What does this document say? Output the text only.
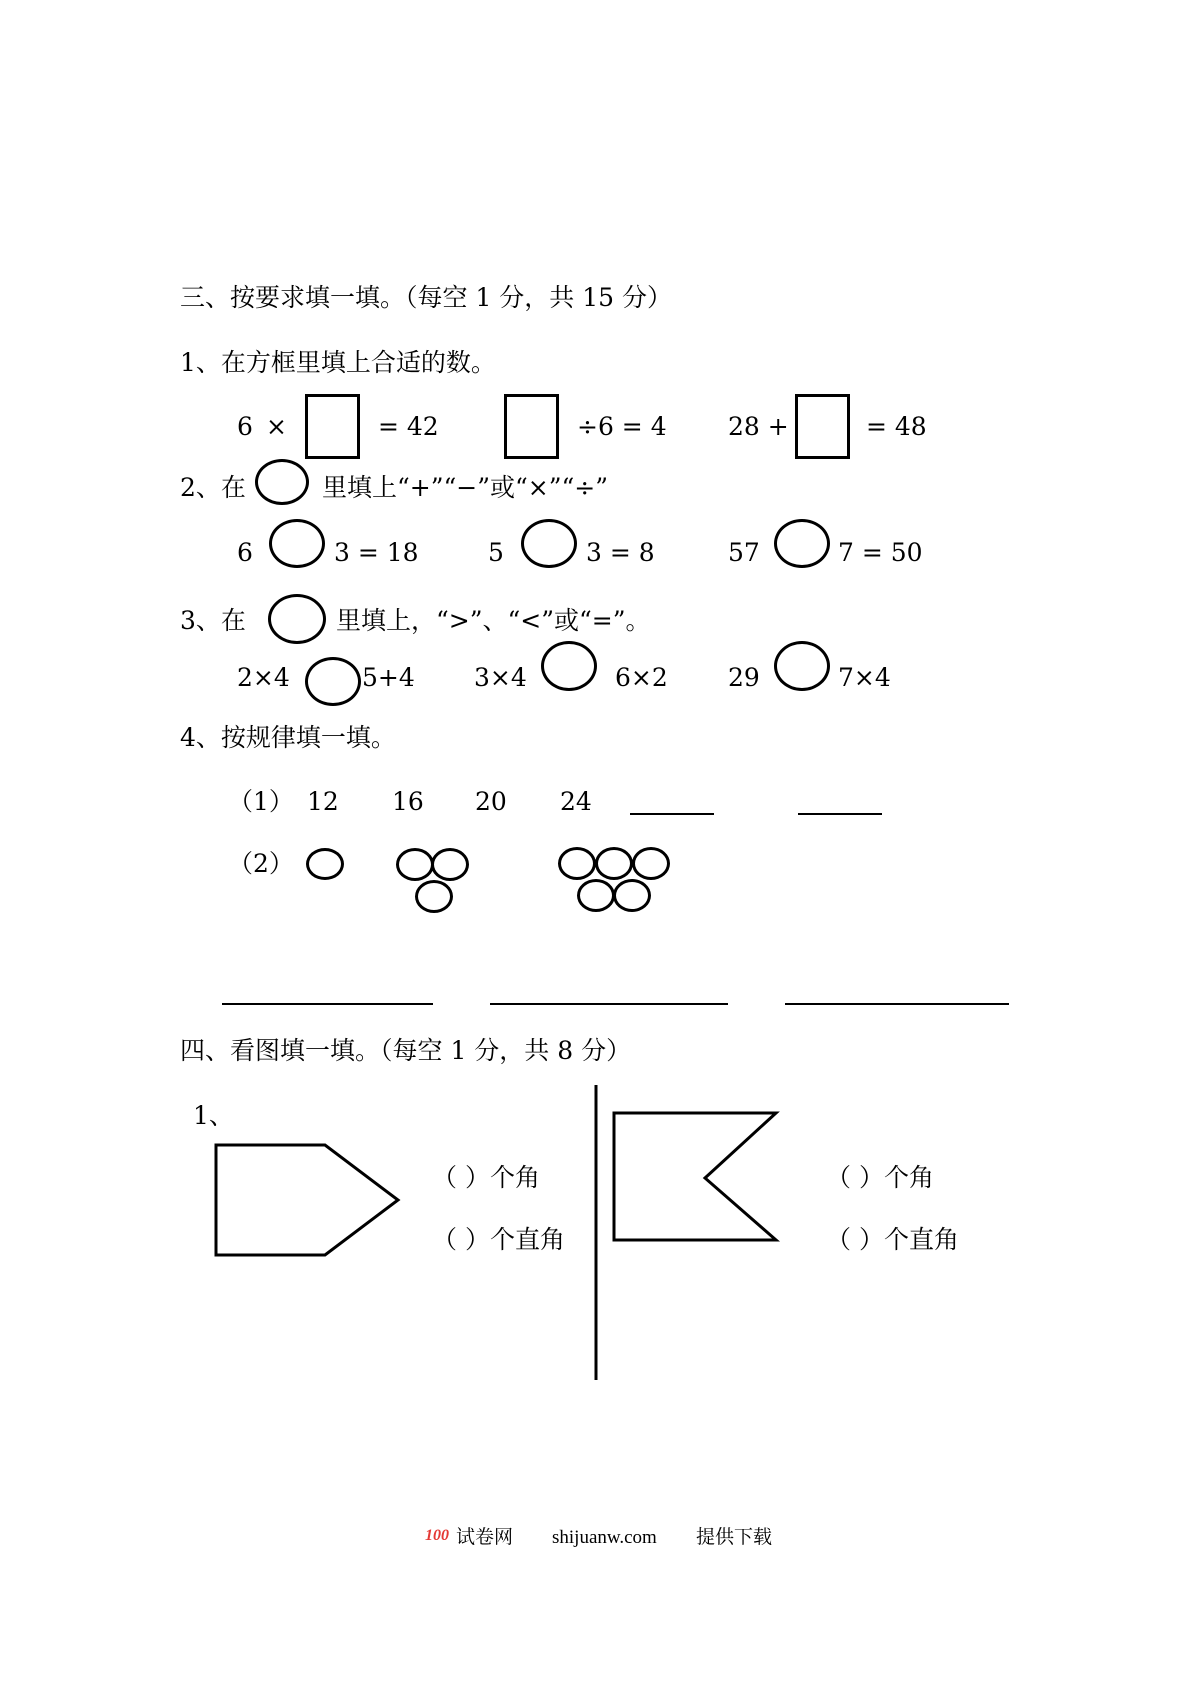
三、按要求填一填。（每空 1 分，共 15 分）
1、在方框里填上合适的数。
6 ×	= 42	÷6 = 4 28 +	= 48
2、在	里填上“+”“−”或“×”“÷”
6	3 = 18	5	3 = 8	57	7 = 50
3、在	里填上，“>”、“<”或“=”。
2×4	5+4 3×4	6×2 29	7×4
4、按规律填一填。
（1） 12 16 20 24
（2）
四、看图填一填。（每空 1 分，共 8 分）
1、
（ ）个角
（ ）个直角
（ ）个角
（ ）个直角
100 试卷网 shijuanw.com 提供下载
